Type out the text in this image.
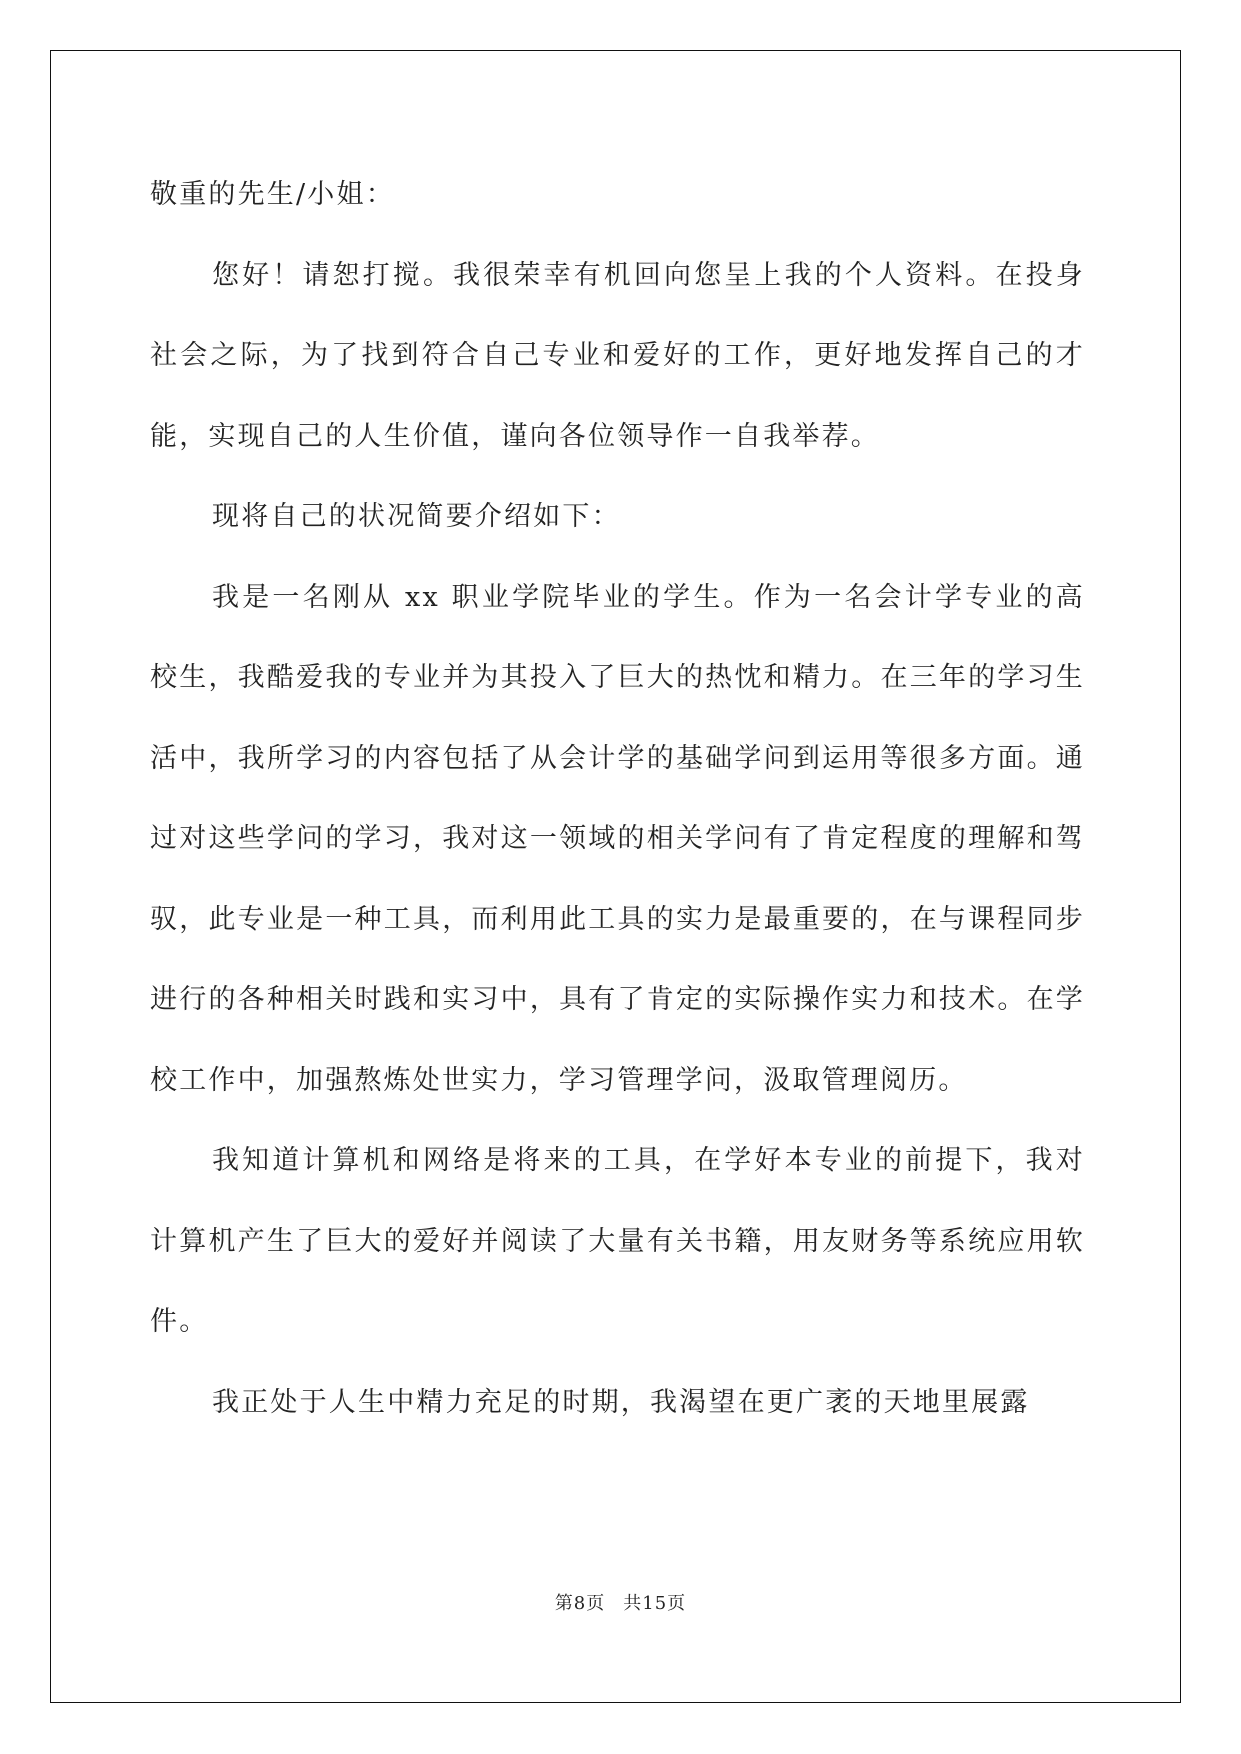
敬重的先生/小姐：

您好！请恕打搅。我很荣幸有机回向您呈上我的个人资料。在投身社会之际，为了找到符合自己专业和爱好的工作，更好地发挥自己的才能，实现自己的人生价值，谨向各位领导作一自我举荐。

现将自己的状况简要介绍如下：

我是一名刚从 xx 职业学院毕业的学生。作为一名会计学专业的高校生，我酷爱我的专业并为其投入了巨大的热忱和精力。在三年的学习生活中，我所学习的内容包括了从会计学的基础学问到运用等很多方面。通过对这些学问的学习，我对这一领域的相关学问有了肯定程度的理解和驾驭，此专业是一种工具，而利用此工具的实力是最重要的，在与课程同步进行的各种相关时践和实习中，具有了肯定的实际操作实力和技术。在学校工作中，加强熬炼处世实力，学习管理学问，汲取管理阅历。

我知道计算机和网络是将来的工具，在学好本专业的前提下，我对计算机产生了巨大的爱好并阅读了大量有关书籍，用友财务等系统应用软件。

我正处于人生中精力充足的时期，我渴望在更广袤的天地里展露

第8页 共15页
